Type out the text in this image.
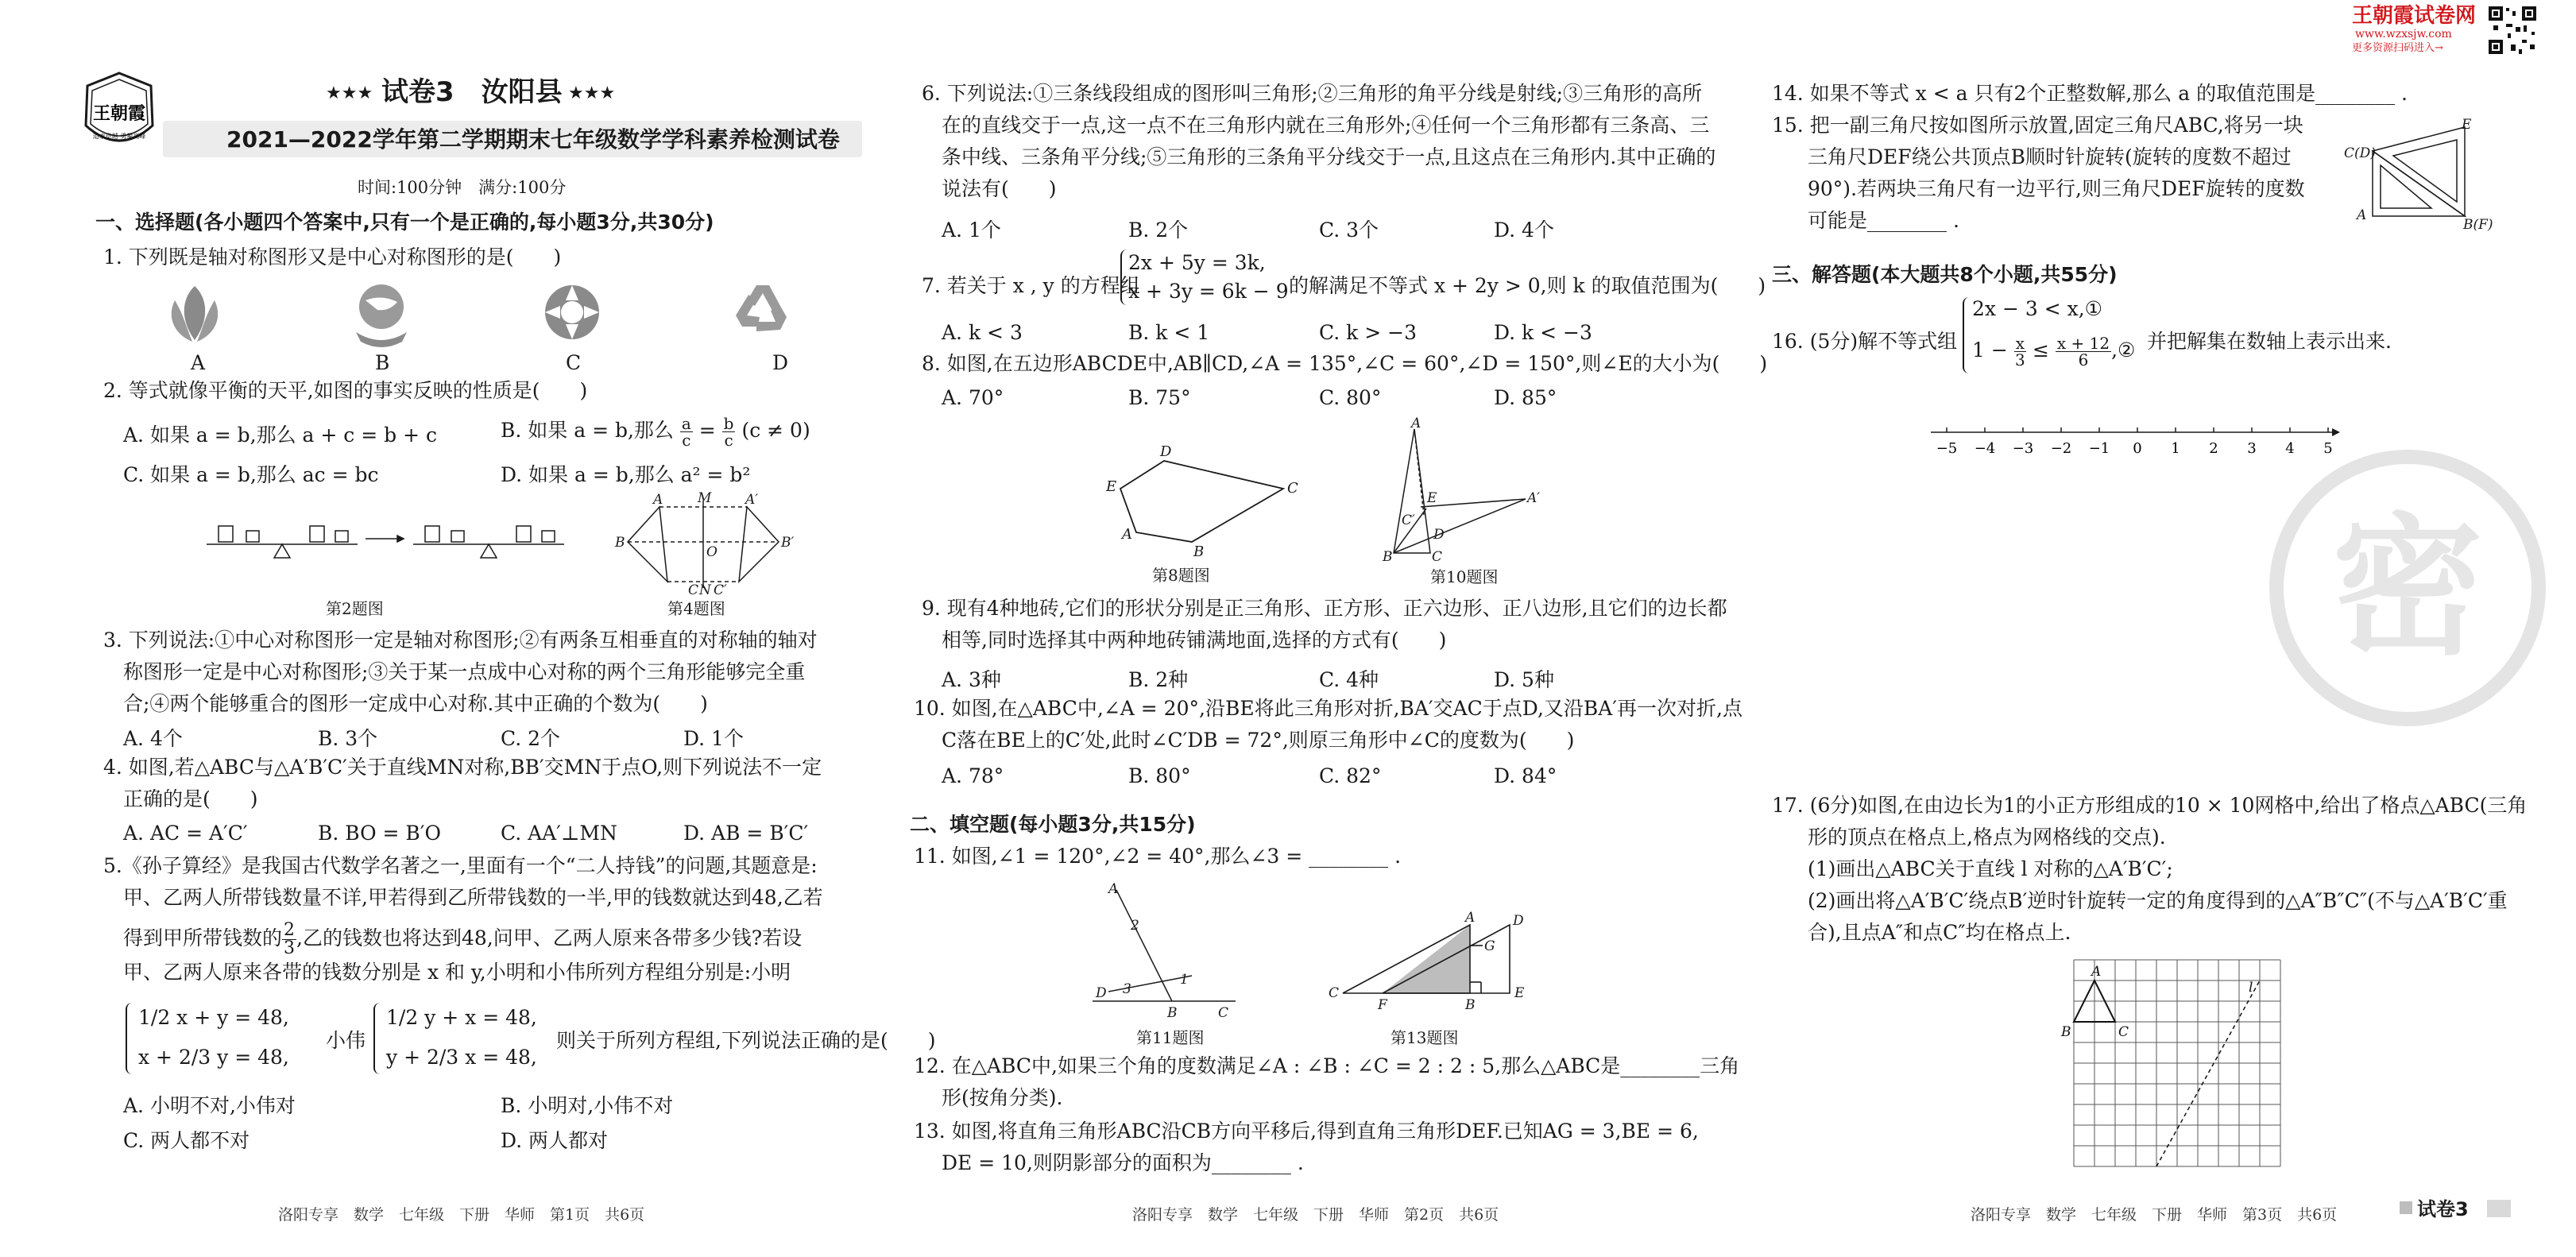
王朝霞
追求卓越 勇攀高峰
★★★ 试卷3　汝阳县 ★★★
2021—2022学年第二学期期末七年级数学学科素养检测试卷
时间:100分钟　满分:100分
一、选择题(各小题四个答案中,只有一个是正确的,每小题3分,共30分)
1. 下列既是轴对称图形又是中心对称图形的是(　　)
A	B	C	D
2. 等式就像平衡的天平,如图的事实反映的性质是(　　)
A. 如果 a = b,那么 a + c = b + c	B. 如果 a = b,那么 $\frac{a}{c} = \frac{b}{c} (c \ne 0)$
C. 如果 a = b,那么 ac = bc	D. 如果 a = b,那么 a² = b²
第2题图
A	M	A′
B
O
B′
C N C′
第4题图
3. 下列说法:①中心对称图形一定是轴对称图形;②有两条互相垂直的对称轴的轴对
称图形一定是中心对称图形;③关于某一点成中心对称的两个三角形能够完全重
合;④两个能够重合的图形一定成中心对称.其中正确的个数为(　　)
A. 4个	B. 3个	C. 2个	D. 1个
4. 如图,若△ABC与△A′B′C′关于直线MN对称,BB′交MN于点O,则下列说法不一定
正确的是(　　)
A. AC = A′C′	B. BO = B′O	C. AA′⊥MN	D. AB = B′C′
5.《孙子算经》是我国古代数学名著之一,里面有一个“二人持钱”的问题,其题意是:
甲、乙两人所带钱数量不详,甲若得到乙所带钱数的一半,甲的钱数就达到48,乙若
得到甲所带钱数的 $\frac{2}{3}$ ,乙的钱数也将达到48,问甲、乙两人原来各带多少钱?若设
甲、乙两人原来各带的钱数分别是 x 和 y,小明和小伟所列方程组分别是:小明
1/2 x + y = 48,
x + 2/3 y = 48,
小伟
1/2 y + x = 48,
y + 2/3 x = 48,
则关于所列方程组,下列说法正确的是(　　)
A. 小明不对,小伟对	B. 小明对,小伟不对
C. 两人都不对	D. 两人都对
洛阳专享　数学　七年级　下册　华师　第1页　共6页
6. 下列说法:①三条线段组成的图形叫三角形;②三角形的角平分线是射线;③三角形的高所
在的直线交于一点,这一点不在三角形内就在三角形外;④任何一个三角形都有三条高、三
条中线、三条角平分线;⑤三角形的三条角平分线交于一点,且这点在三角形内.其中正确的
说法有(　　)
A. 1个	B. 2个	C. 3个	D. 4个
7. 若关于 x , y 的方程组
2x + 5y = 3k,
x + 3y = 6k − 9 的解满足不等式 x + 2y > 0,则 k 的取值范围为(　　)
A. k < 3	B. k < 1	C. k > −3	D. k < −3
8. 如图,在五边形ABCDE中,AB∥CD,∠A = 135°,∠C = 60°,∠D = 150°,则∠E的大小为(　　)
A. 70°	B. 75°	C. 80°	D. 85°
D
E	C
A
B
第8题图
A
E	A′
C′
D
B	C
第10题图
9. 现有4种地砖,它们的形状分别是正三角形、正方形、正六边形、正八边形,且它们的边长都
相等,同时选择其中两种地砖铺满地面,选择的方式有(　　)
A. 3种	B. 2种	C. 4种	D. 5种
10. 如图,在△ABC中,∠A = 20°,沿BE将此三角形对折,BA′交AC于点D,又沿BA′再一次对折,点
C落在BE上的C′处,此时∠C′DB = 72°,则原三角形中∠C的度数为(　　)
A. 78°	B. 80°	C. 82°	D. 84°
二、填空题(每小题3分,共15分)
11. 如图,∠1 = 120°,∠2 = 40°,那么∠3 = ________ .
A
2
1
3
D
B	C
第11题图
A	D
G
C
F	B
E
第13题图
12. 在△ABC中,如果三个角的度数满足∠A : ∠B : ∠C = 2 : 2 : 5,那么△ABC是________三角
形(按角分类).
13. 如图,将直角三角形ABC沿CB方向平移后,得到直角三角形DEF.已知AG = 3,BE = 6,
DE = 10,则阴影部分的面积为________ .
洛阳专享　数学　七年级　下册　华师　第2页　共6页
王朝霞试卷网
www.wzxsjw.com
更多资源扫码进入→
14. 如果不等式 x < a 只有2个正整数解,那么 a 的取值范围是________ .
15. 把一副三角尺按如图所示放置,固定三角尺ABC,将另一块
三角尺DEF绕公共顶点B顺时针旋转(旋转的度数不超过
90°).若两块三角尺有一边平行,则三角尺DEF旋转的度数
可能是________ .
E
C(D)
A
B(F)
三、解答题(本大题共8个小题,共55分)
16. (5分)解不等式组
2x − 3 < x,①
$1 - \frac{x}{3} \le \frac{x + 12}{6}$ ,② 并把解集在数轴上表示出来.
−5 −4 −3 −2 −1 0 1 2 3 4 5
密
17. (6分)如图,在由边长为1的小正方形组成的10 × 10网格中,给出了格点△ABC(三角
形的顶点在格点上,格点为网格线的交点).
(1)画出△ABC关于直线 l 对称的△A′B′C′;
(2)画出将△A′B′C′绕点B′逆时针旋转一定的角度得到的△A″B″C″(不与△A′B′C′重
合),且点A″和点C″均在格点上.
A
B	C
l
洛阳专享　数学　七年级　下册　华师　第3页　共6页	试卷3
